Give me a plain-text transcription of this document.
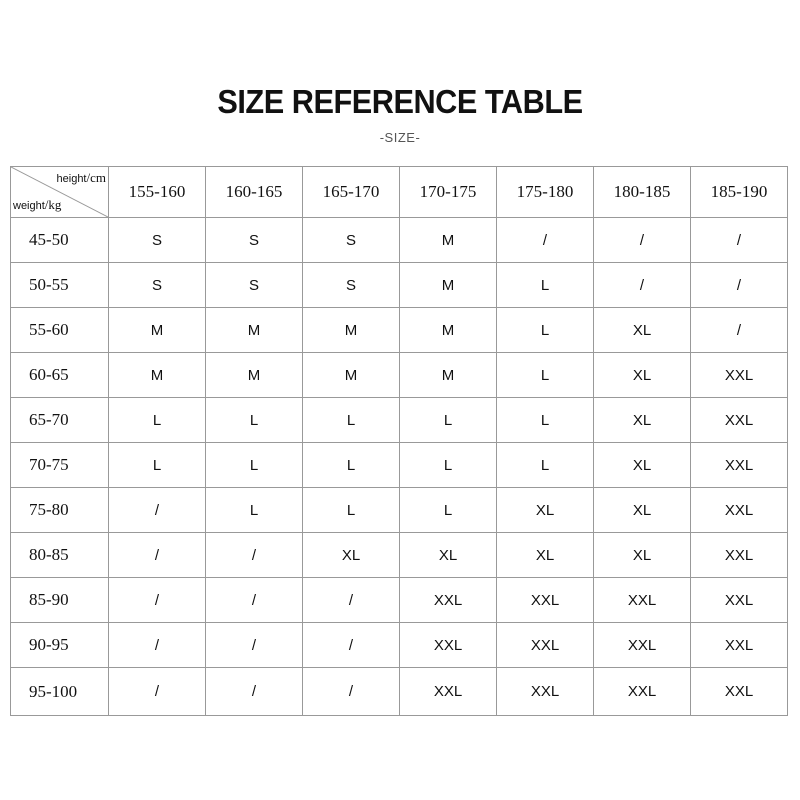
SIZE REFERENCE TABLE
-SIZE-
height/cm
weight/kg	155-160	160-165	165-170	170-175	175-180	180-185	185-190
45-50	S	S	S	M	/	/	/
50-55	S	S	S	M	L	/	/
55-60	M	M	M	M	L	XL	/
60-65	M	M	M	M	L	XL	XXL
65-70	L	L	L	L	L	XL	XXL
70-75	L	L	L	L	L	XL	XXL
75-80	/	L	L	L	XL	XL	XXL
80-85	/	/	XL	XL	XL	XL	XXL
85-90	/	/	/	XXL	XXL	XXL	XXL
90-95	/	/	/	XXL	XXL	XXL	XXL
95-100	/	/	/	XXL	XXL	XXL	XXL
